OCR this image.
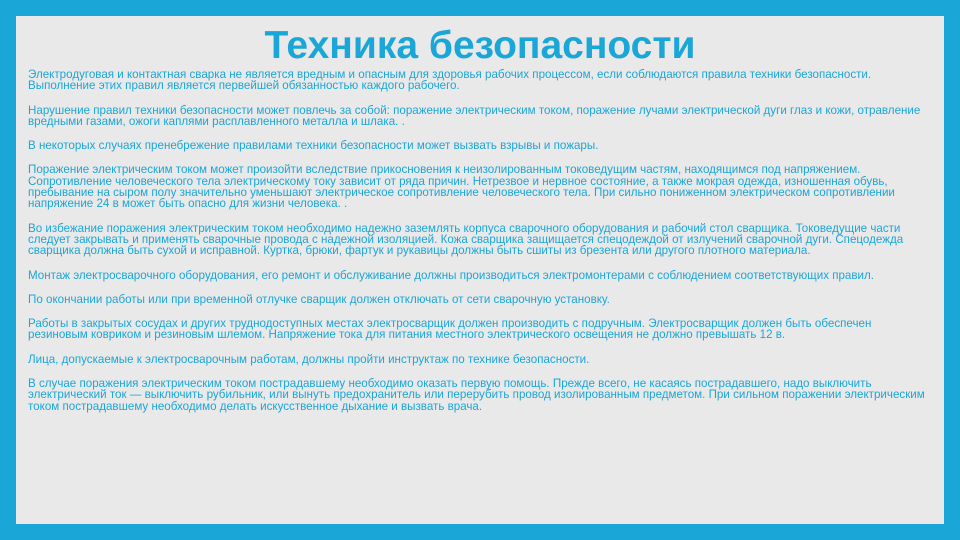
Техника безопасности

Электродуговая и контактная сварка не является вредным и опасным для здоровья рабочих процессом, если соблюдаются правила техники безопасности. Выполнение этих правил является первейшей обязанностью каждого рабочего.

Нарушение правил техники безопасности может повлечь за собой: поражение электрическим током, поражение лучами электрической дуги глаз и кожи, отравление вредными газами, ожоги каплями расплавленного металла и шлака. .

В некоторых случаях пренебрежение правилами техники безопасности может вызвать взрывы и пожары.

Поражение электрическим током может произойти вследствие прикосновения к неизолированным токоведущим частям, находящимся под напряжением. Сопротивление человеческого тела электрическому току зависит от ряда причин. Нетрезвое и нервное состояние, а также мокрая одежда, изношенная обувь, пребывание на сыром полу значительно уменьшают электрическое сопротивление человеческого тела. При сильно пониженном электрическом сопротивлении напряжение 24 в может быть опасно для жизни человека. .

Во избежание поражения электрическим током необходимо надежно заземлять корпуса сварочного оборудования и рабочий стол сварщика. Токоведущие части следует закрывать и применять сварочные провода с надежной изоляцией. Кожа сварщика защищается спецодеждой от излучений сварочной дуги. Спецодежда сварщика должна быть сухой и исправной. Куртка, брюки, фартук и рукавицы должны быть сшиты из брезента или другого плотного материала.

Монтаж электросварочного оборудования, его ремонт и обслуживание должны производиться электромонтерами с соблюдением соответствующих правил.

По окончании работы или при временной отлучке сварщик должен отключать от сети сварочную установку.

Работы в закрытых сосудах и других труднодоступных местах электросварщик должен производить с подручным. Электросварщик должен быть обеспечен резиновым ковриком и резиновым шлемом. Напряжение тока для питания местного электрического освещения не должно превышать 12 в.

Лица, допускаемые к электросварочным работам, должны пройти инструктаж по технике безопасности.

В случае поражения электрическим током пострадавшему необходимо оказать первую помощь. Прежде всего, не касаясь пострадавшего, надо выключить электрический ток — выключить рубильник, или вынуть предохранитель или перерубить провод изолированным предметом. При сильном поражении электрическим током пострадавшему необходимо делать искусственное дыхание и вызвать врача.
